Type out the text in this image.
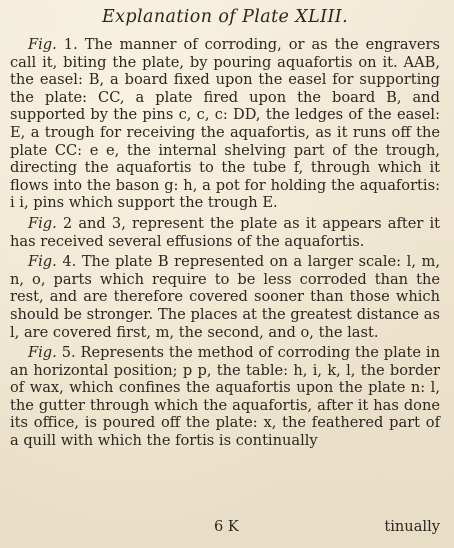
Explanation of Plate XLIII.

Fig. 1. The manner of corroding, or as the engravers call it, biting the plate, by pouring aquafortis on it. AAB, the easel: B, a board fixed upon the easel for supporting the plate: CC, a plate fired upon the board B, and supported by the pins c, c, c: DD, the ledges of the easel: E, a trough for receiving the aquafortis, as it runs off the plate CC: e e, the internal shelving part of the trough, directing the aquafortis to the tube f, through which it flows into the bason g: h, a pot for holding the aquafortis: i i, pins which support the trough E.

Fig. 2 and 3, represent the plate as it appears after it has received several effusions of the aquafortis.

Fig. 4. The plate B represented on a larger scale: l, m, n, o, parts which require to be less corroded than the rest, and are therefore covered sooner than those which should be stronger. The places at the greatest distance as l, are covered first, m, the second, and o, the last.

Fig. 5. Represents the method of corroding the plate in an horizontal position; p p, the table: h, i, k, l, the border of wax, which confines the aquafortis upon the plate n: l, the gutter through which the aquafortis, after it has done its office, is poured off the plate: x, the feathered part of a quill with which the fortis is continually

6 K	tinually
